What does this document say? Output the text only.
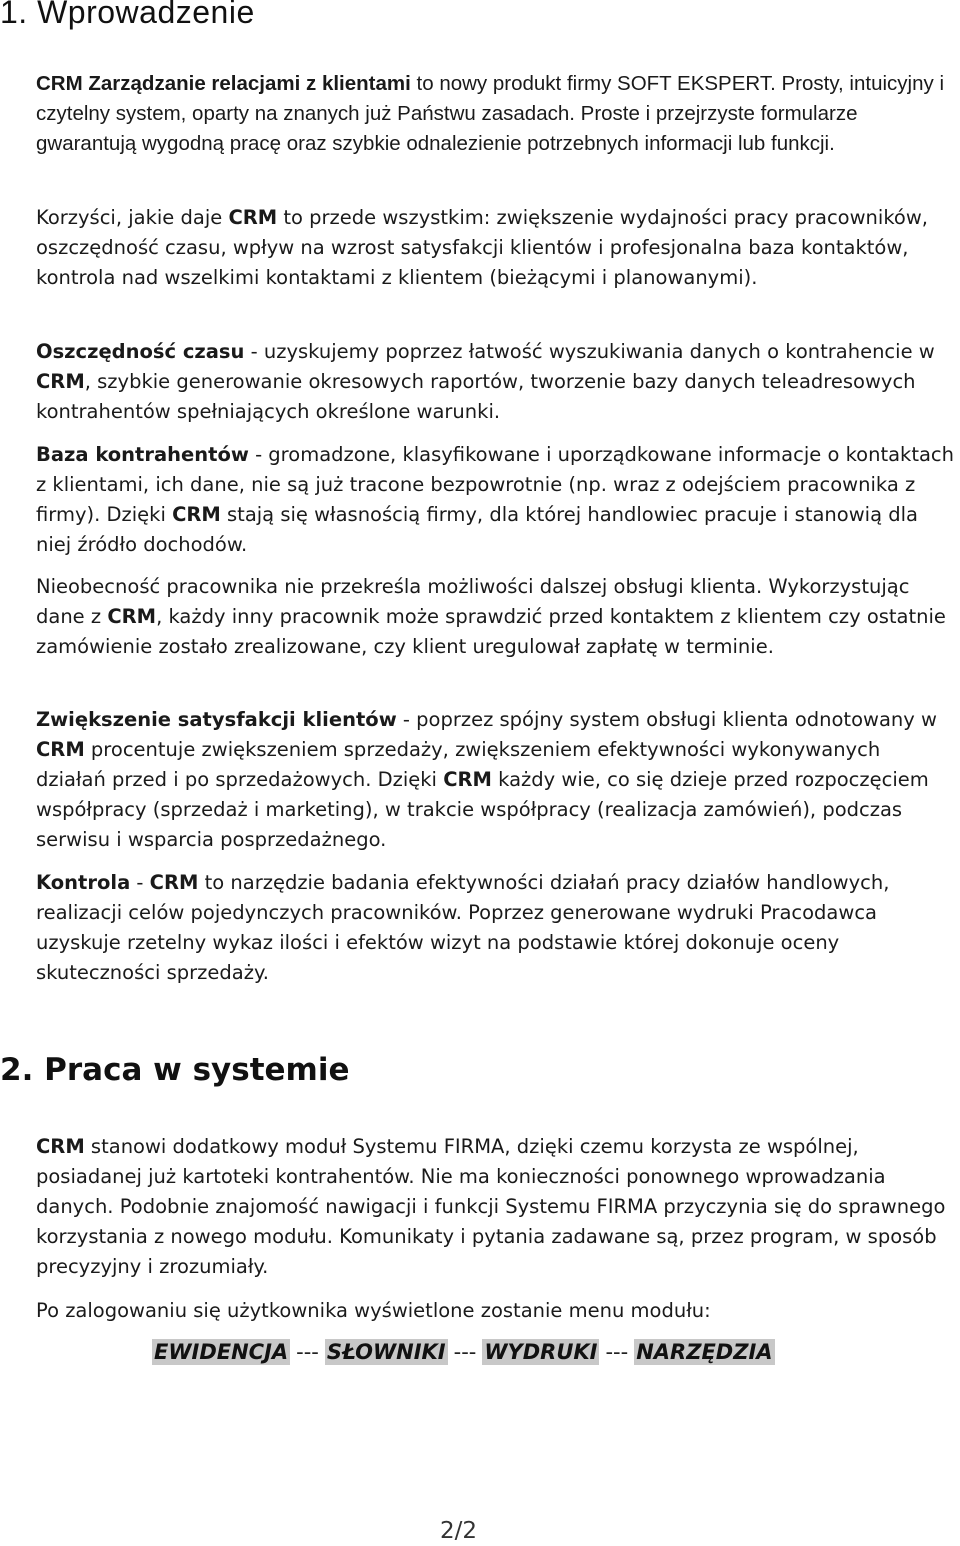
1. Wprowadzenie

CRM Zarządzanie relacjami z klientami to nowy produkt firmy SOFT EKSPERT. Prosty, intuicyjny i czytelny system, oparty na znanych już Państwu zasadach. Proste i przejrzyste formularze gwarantują wygodną pracę oraz szybkie odnalezienie potrzebnych informacji lub funkcji.

Korzyści, jakie daje CRM to przede wszystkim: zwiększenie wydajności pracy pracowników, oszczędność czasu, wpływ na wzrost satysfakcji klientów i profesjonalna baza kontaktów, kontrola nad wszelkimi kontaktami z klientem (bieżącymi i planowanymi).

Oszczędność czasu - uzyskujemy poprzez łatwość wyszukiwania danych o kontrahencie w CRM, szybkie generowanie okresowych raportów, tworzenie bazy danych teleadresowych kontrahentów spełniających określone warunki.

Baza kontrahentów - gromadzone, klasyfikowane i uporządkowane informacje o kontaktach z klientami, ich dane, nie są już tracone bezpowrotnie (np. wraz z odejściem pracownika z firmy). Dzięki CRM stają się własnością firmy, dla której handlowiec pracuje i stanowią dla niej źródło dochodów.

Nieobecność pracownika nie przekreśla możliwości dalszej obsługi klienta. Wykorzystując dane z CRM, każdy inny pracownik może sprawdzić przed kontaktem z klientem czy ostatnie zamówienie zostało zrealizowane, czy klient uregulował zapłatę w terminie.

Zwiększenie satysfakcji klientów - poprzez spójny system obsługi klienta odnotowany w CRM procentuje zwiększeniem sprzedaży, zwiększeniem efektywności wykonywanych działań przed i po sprzedażowych. Dzięki CRM każdy wie, co się dzieje przed rozpoczęciem współpracy (sprzedaż i marketing), w trakcie współpracy (realizacja zamówień), podczas serwisu i wsparcia posprzedażnego.

Kontrola - CRM to narzędzie badania efektywności działań pracy działów handlowych, realizacji celów pojedynczych pracowników. Poprzez generowane wydruki Pracodawca uzyskuje rzetelny wykaz ilości i efektów wizyt na podstawie której dokonuje oceny skuteczności sprzedaży.

2. Praca w systemie

CRM stanowi dodatkowy moduł Systemu FIRMA, dzięki czemu korzysta ze wspólnej, posiadanej już kartoteki kontrahentów. Nie ma konieczności ponownego wprowadzania danych. Podobnie znajomość nawigacji i funkcji Systemu FIRMA przyczynia się do sprawnego korzystania z nowego modułu. Komunikaty i pytania zadawane są, przez program, w sposób precyzyjny i zrozumiały.

Po zalogowaniu się użytkownika wyświetlone zostanie menu modułu:

EWIDENCJA --- SŁOWNIKI --- WYDRUKI --- NARZĘDZIA
2/2
